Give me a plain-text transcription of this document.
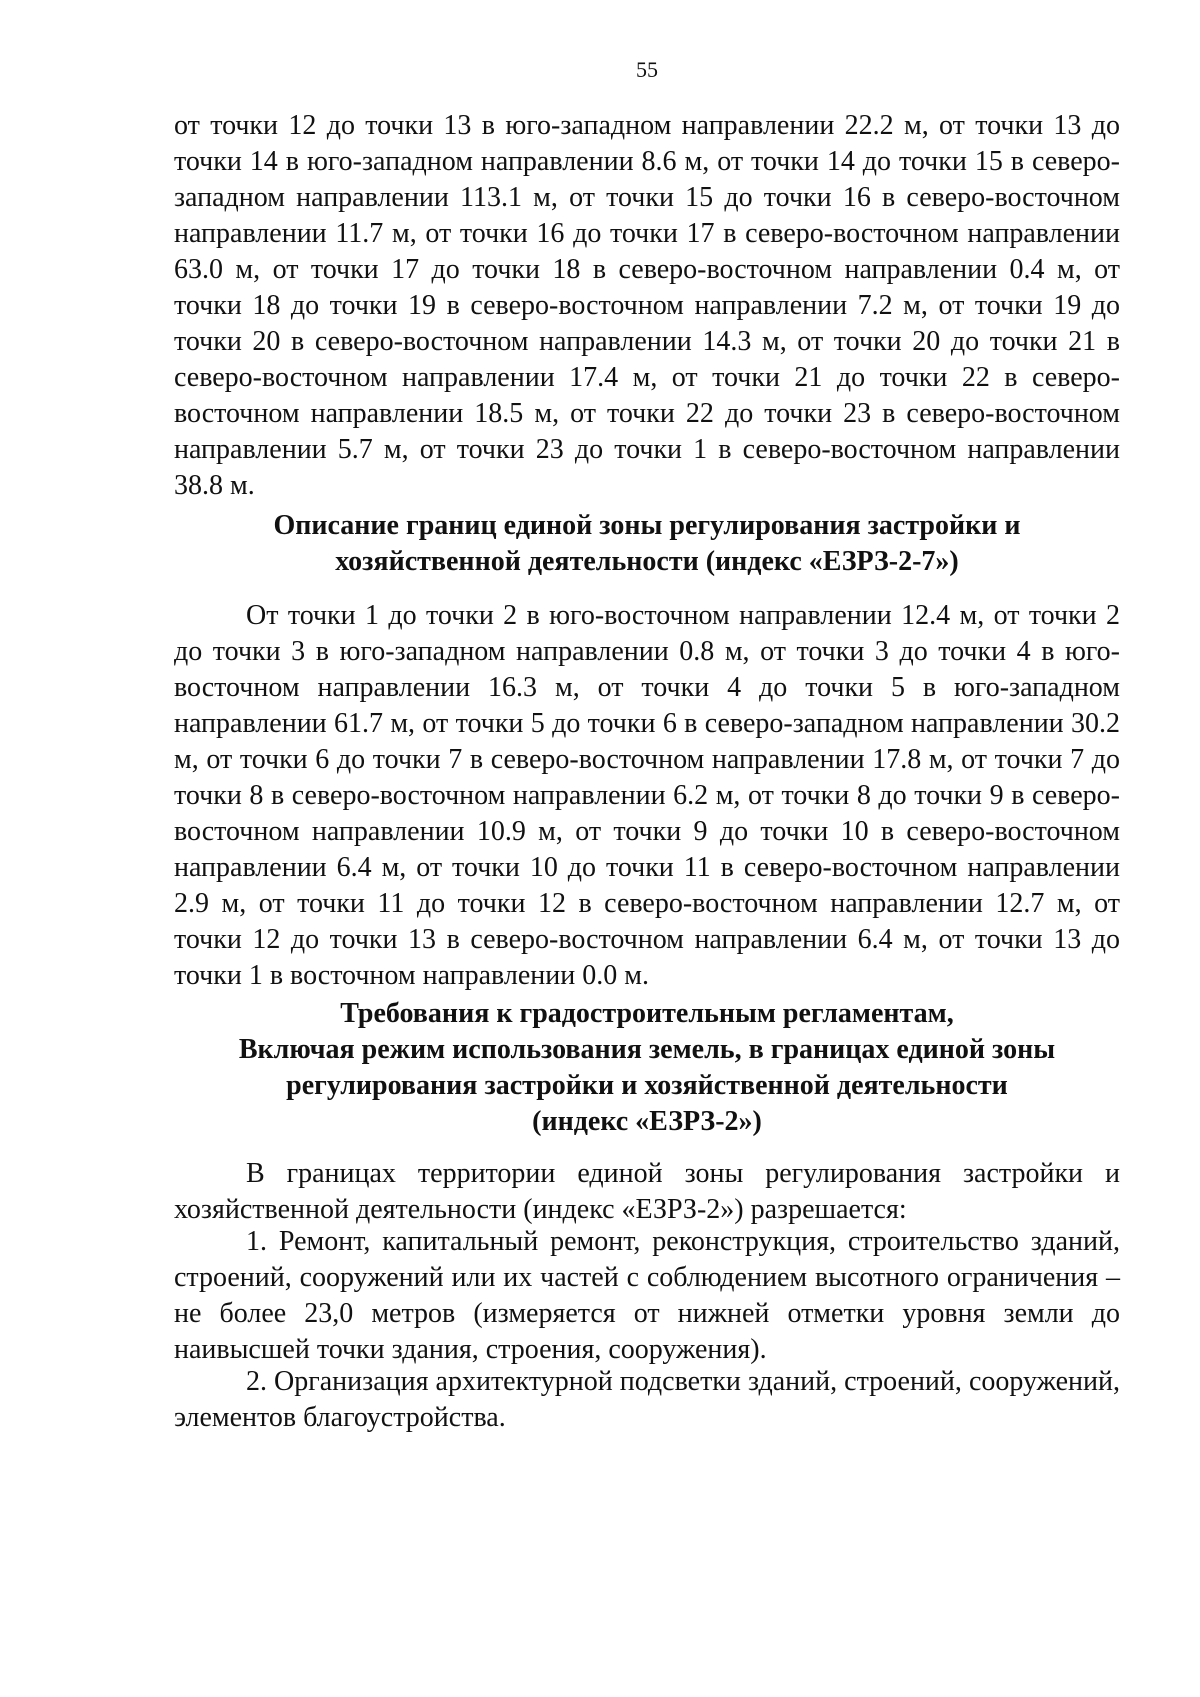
55

от точки 12 до точки 13 в юго-западном направлении 22.2 м, от точки 13 до точки 14 в юго-западном направлении 8.6 м, от точки 14 до точки 15 в северо-западном направлении 113.1 м, от точки 15 до точки 16 в северо-восточном направлении 11.7 м, от точки 16 до точки 17 в северо-восточном направлении 63.0 м, от точки 17 до точки 18 в северо-восточном направлении 0.4 м, от точки 18 до точки 19 в северо-восточном направлении 7.2 м, от точки 19 до точки 20 в северо-восточном направлении 14.3 м, от точки 20 до точки 21 в северо-восточном направлении 17.4 м, от точки 21 до точки 22 в северо-восточном направлении 18.5 м, от точки 22 до точки 23 в северо-восточном направлении 5.7 м, от точки 23 до точки 1 в северо-восточном направлении 38.8 м.

Описание границ единой зоны регулирования застройки и
хозяйственной деятельности (индекс «ЕЗРЗ-2-7»)

От точки 1 до точки 2 в юго-восточном направлении 12.4 м, от точки 2 до точки 3 в юго-западном направлении 0.8 м, от точки 3 до точки 4 в юго-восточном направлении 16.3 м, от точки 4 до точки 5 в юго-западном направлении 61.7 м, от точки 5 до точки 6 в северо-западном направлении 30.2 м, от точки 6 до точки 7 в северо-восточном направлении 17.8 м, от точки 7 до точки 8 в северо-восточном направлении 6.2 м, от точки 8 до точки 9 в северо-восточном направлении 10.9 м, от точки 9 до точки 10 в северо-восточном направлении 6.4 м, от точки 10 до точки 11 в северо-восточном направлении 2.9 м, от точки 11 до точки 12 в северо-восточном направлении 12.7 м, от точки 12 до точки 13 в северо-восточном направлении 6.4 м, от точки 13 до точки 1 в восточном направлении 0.0 м.

Требования к градостроительным регламентам,
Включая режим использования земель, в границах единой зоны
регулирования застройки и хозяйственной деятельности
(индекс «ЕЗРЗ-2»)

В границах территории единой зоны регулирования застройки и хозяйственной деятельности (индекс «ЕЗРЗ-2») разрешается:

1. Ремонт, капитальный ремонт, реконструкция, строительство зданий, строений, сооружений или их частей с соблюдением высотного ограничения – не более 23,0 метров (измеряется от нижней отметки уровня земли до наивысшей точки здания, строения, сооружения).

2. Организация архитектурной подсветки зданий, строений, сооружений, элементов благоустройства.
